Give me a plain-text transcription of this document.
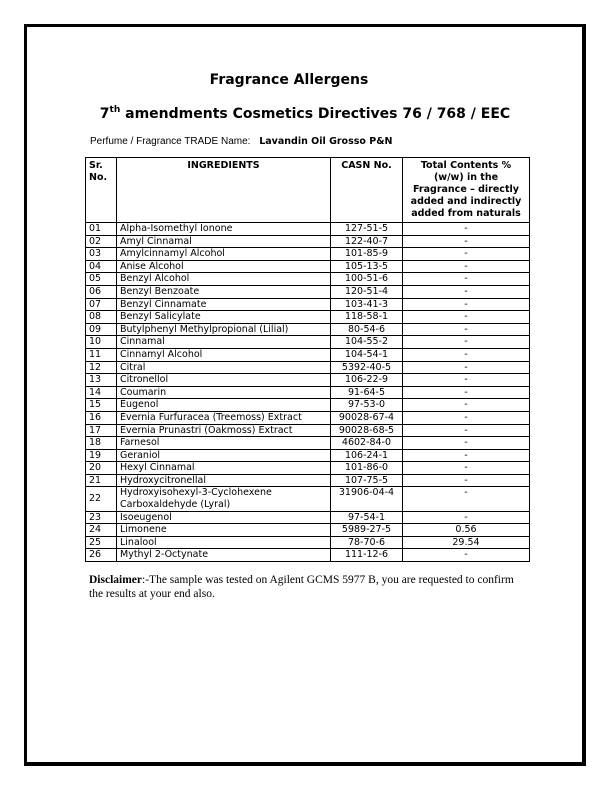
Fragrance Allergens
7th amendments Cosmetics Directives 76 / 768 / EEC
Perfume / Fragrance TRADE Name: Lavandin Oil Grosso P&N
Sr. No.	INGREDIENTS	CASN No.	Total Contents % (w/w) in the Fragrance – directly added and indirectly added from naturals
01	Alpha-Isomethyl Ionone	127-51-5	-
02	Amyl Cinnamal	122-40-7	-
03	Amylcinnamyl Alcohol	101-85-9	-
04	Anise Alcohol	105-13-5	-
05	Benzyl Alcohol	100-51-6	-
06	Benzyl Benzoate	120-51-4	-
07	Benzyl Cinnamate	103-41-3	-
08	Benzyl Salicylate	118-58-1	-
09	Butylphenyl Methylpropional (Lilial)	80-54-6	-
10	Cinnamal	104-55-2	-
11	Cinnamyl Alcohol	104-54-1	-
12	Citral	5392-40-5	-
13	Citronellol	106-22-9	-
14	Coumarin	91-64-5	-
15	Eugenol	97-53-0	-
16	Evernia Furfuracea (Treemoss) Extract	90028-67-4	-
17	Evernia Prunastri (Oakmoss) Extract	90028-68-5	-
18	Farnesol	4602-84-0	-
19	Geraniol	106-24-1	-
20	Hexyl Cinnamal	101-86-0	-
21	Hydroxycitronellal	107-75-5	-
22	Hydroxyisohexyl-3-Cyclohexene
Carboxaldehyde (Lyral)	31906-04-4	-
23	Isoeugenol	97-54-1	-
24	Limonene	5989-27-5	0.56
25	Linalool	78-70-6	29.54
26	Mythyl 2-Octynate	111-12-6	-
Disclaimer:-The sample was tested on Agilent GCMS 5977 B, you are requested to confirm the results at your end also.
